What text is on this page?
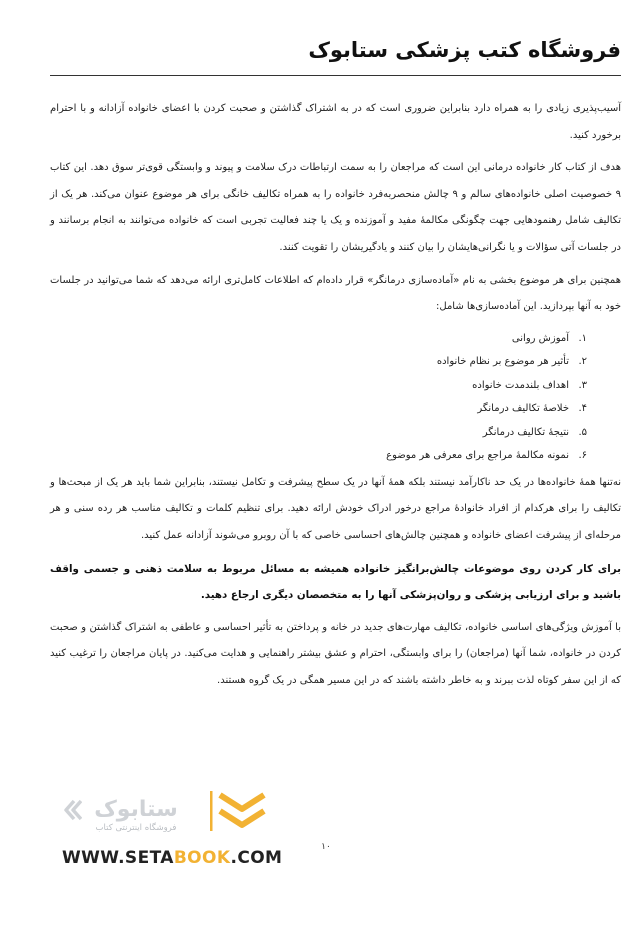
فروشگاه کتب پزشکی ستابوک

آسیب‌پذیری زیادی را به همراه دارد بنابراین ضروری است که در به اشتراک گذاشتن و صحبت کردن با اعضای خانواده آزادانه و با احترام برخورد کنید.

هدف از کتاب کار خانواده درمانی این است که مراجعان را به سمت ارتباطات درک سلامت و پیوند و وابستگی قوی‌تر سوق دهد. این کتاب ۹ خصوصیت اصلی خانواده‌های سالم و ۹ چالش منحصربه‌فرد خانواده را به همراه تکالیف خانگی برای هر موضوع عنوان می‌کند. هر یک از تکالیف شامل رهنمودهایی جهت چگونگی مکالمهٔ مفید و آموزنده و یک یا چند فعالیت تجربی است که خانواده می‌توانند به انجام برسانند و در جلسات آتی سؤالات و یا نگرانی‌هایشان را بیان کنند و یادگیریشان را تقویت کنند.

همچنین برای هر موضوع بخشی به نام «آماده‌سازی درمانگر» قرار داده‌ام که اطلاعات کامل‌تری ارائه می‌دهد که شما می‌توانید در جلسات خود به آنها بپردازید. این آماده‌سازی‌ها شامل:

۱.آموزش روانی
۲.تأثیر هر موضوع بر نظام خانواده
۳.اهداف بلندمدت خانواده
۴.خلاصهٔ تکالیف درمانگر
۵.نتیجهٔ تکالیف درمانگر
۶.نمونه مکالمهٔ مراجع برای معرفی هر موضوع

نه‌تنها همهٔ خانواده‌ها در یک حد ناکارآمد نیستند بلکه همهٔ آنها در یک سطح پیشرفت و تکامل نیستند، بنابراین شما باید هر یک از مبحث‌ها و تکالیف را برای هرکدام از افراد خانوادهٔ مراجع درخور ادراک خودش ارائه دهید. برای تنظیم کلمات و تکالیف مناسب هر رده سنی و هر مرحله‌ای از پیشرفت اعضای خانواده و همچنین چالش‌های احساسی خاصی که با آن روبرو می‌شوند آزادانه عمل کنید.

برای کار کردن روی موضوعات چالش‌برانگیز خانواده همیشه به مسائل مربوط به سلامت ذهنی و جسمی واقف باشید و برای ارزیابی پزشکی و روان‌پزشکی آنها را به متخصصان دیگری ارجاع دهید.

با آموزش ویژگی‌های اساسی خانواده، تکالیف مهارت‌های جدید در خانه و پرداختن به تأثیر احساسی و عاطفی به اشتراک گذاشتن و صحبت کردن در خانواده، شما آنها (مراجعان) را برای وابستگی، احترام و عشق بیشتر راهنمایی و هدایت می‌کنید. در پایان مراجعان را ترغیب کنید که از این سفر کوتاه لذت ببرند و به خاطر داشته باشند که در این مسیر همگی در یک گروه هستند.

ستابوک
فروشگاه اینترنتی کتاب
WWW.SETABOOK.COM
۱۰
